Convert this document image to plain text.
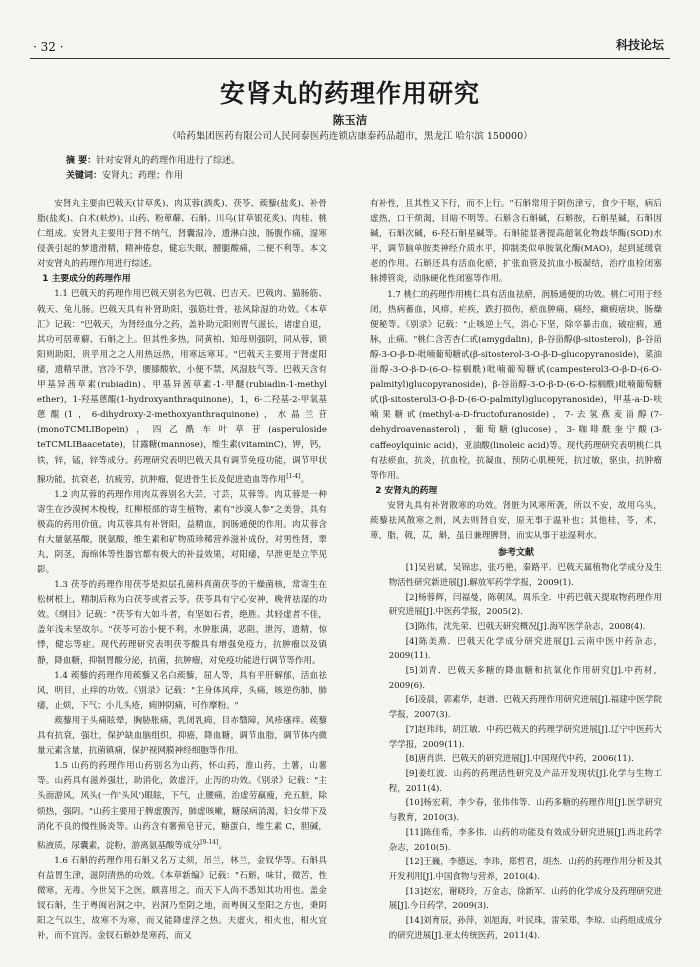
· 32 ·	科技论坛
安肾丸的药理作用研究
陈玉洁
（哈药集团医药有限公司人民同泰医药连锁店康泰药品超市，黑龙江 哈尔滨 150000）
摘 要：针对安肾丸的药理作用进行了综述。
关键词：安肾丸；药理；作用

安肾丸主要由巴戟天(甘草炙)、肉苁蓉(酒炙)、茯苓、蒺藜(盐炙)、补骨脂(盐炙)、白术(麸炒)、山药、粉萆薢、石斛、川乌(甘草银花炙)、肉桂、桃仁组成。安肾丸主要用于肾不纳气，肾囊湿冷，遗淋白浊，肠腹作痛，湿寒侵袭引起的梦遗滑精，精神倦怠，健忘失眠，腰腿酸痛，二便不利等。本文对安肾丸的药理作用进行综述。

1 主要成分的药理作用

1.1 巴戟天的药理作用巴戟天别名为巴戟、巴吉天、巴戟肉、猫肠筋、戟天、兔儿肠。巴戟天具有补肾助阳，强筋壮骨，祛风除湿的功效。《本草汇》记载："巴戟天，为肾经血分之药，盖补助元阳则胃气滋长，诸虚自退，其功可居萆薢、石斛之上。但其性多热，同黄柏、知母则强阴，同从蓉，锁阳则助阳，贵乎用之之人用热远热，用寒远寒耳。"巴戟天主要用于肾虚阳痿，遗精早泄，宫冷不孕，腰膝酸软，小便不禁，风湿肢气等。巴戟天含有甲基异茜草素(rubiadin)、甲基异茜草素-1-甲醚(rubiadin-1-methyl ether)，1-羟基蒽醌(1-hydroxyanthraquinone)，1，6-二羟基-2-甲氧基蒽醌(1，6-dihydroxy-2-methoxyanthraquinone)，水晶兰苷(monoTCMLIBopein)，四乙酰车叶草苷(asperuloside teTCMLIBaacetate)，甘露糖(mannose)，维生素(vitaminC)，钾，钙，铁，锌，锰，锌等成分。药理研究表明巴戟天具有调节免疫功能，调节甲状腺功能，抗衰老，抗疲劳，抗肿瘤，促进骨生长及促进造血等作用[1-4]。

1.2 肉苁蓉的药理作用肉苁蓉别名大芸，寸芸，苁蓉等。肉苁蓉是一种寄生在沙漠树木梭梭，红柳根部的寄生植物，素有"沙漠人参"之美誉，具有极高的药用价值。肉苁蓉具有补肾阳，益精血，润肠通便的作用。肉苁蓉含有大量氨基酸，胱氨酸，维生素和矿物质珍稀营养滋补成份，对男性肾，睾丸，阴茎，海绵体等性器官都有极大的补益效果，对阳痿，早泄更是立竿见影。

1.3 茯苓的药理作用茯苓是拟层孔菌科真菌茯苓的干燥菌核，常寄生在松树根上，精制后称为白茯苓或者云苓。茯苓具有宁心安神，晚背祛湿的功效。《纲目》记载："茯苓有大如斗者，有坚如石者，绝胜。其轻虚者不佳，盖年浅未坚故尔。"茯苓可治小便不利，水肿胀满，恶阻，泄泻，遗精，惊悸，健忘等症。现代药理研究表明茯苓酸具有增强免疫力，抗肿瘤以及镇静，降血糖，抑制胃酸分泌，抗菌，抗肿瘤，对免疫功能进行调节等作用。

1.4 蒺藜的药理作用蒺藜又名白蒺藜，屈人等，具有平肝解郁，活血祛风，明目，止痒的功效。《别录》记载："主身体风痒，头痛，咳逆伤肺，肺痿，止烦，下气；小儿头疮，痈肿阴痛，可作摩粉。"

蒺藜用于头痛眩晕，胸胁胀痛，乳闭乳痈，目赤翳障，风疹瘙痒。蒺藜具有抗衰，强壮，保护缺血脑组织，抑癌，降血糖，调节血脂，调节体内微量元素含量，抗菌镇痛，保护视网膜神经细胞等作用。

1.5 山药的药理作用山药别名为山药，怀山药，淮山药，土薯，山薯等。山药具有滋养强壮，助消化，敛虚汗，止泻的功效。《别录》记载："主头面游风，风头(一作'头风')眼眩，下气，止腰痛，治虚劳羸瘦，充五脏，除烦热，强阴。"山药主要用于脾虚腹泻，肺虚咳嗽，糖尿病消渴，妇女带下及消化不良的慢性肠炎等。山药含有薯蓣皂苷元，糖蛋白，维生素 C，胆碱，粘液质，尿囊素，淀粉，游离氨基酸等成分[9-14]。

1.6 石斛的药理作用石斛又名万丈须，吊兰，林兰，金钗华等。石斛具有益胃生津，滋阴清热的功效。《本草新编》记载："石斛，味甘，微苦，性微寒，无毒。今世吴下之医，颇喜用之，而天下人尚不悉知其功用也。盖金钗石斛，生于粤闽岩洞之中，岩洞乃至阴之地，而粤闽又至阳之方也，秉阴阳之气以生，故寒不为寒，而又能降虚浮之热。夫虚火，相火也，相火宜补，而不宜泻。金钗石斛妙是寒药，而又

有补性，且其性又下行，而不上行。"石斛常用于阴伤津亏，食少干呕，病后虚热，口干烦渴，目暗不明等。石斛含石斛碱，石斛胺，石斛星碱，石斛因碱，石斛次碱，6-羟石斛星碱等。石斛能显著提高超氧化物歧华酶(SOD)水平，调节脑单胺类神经介质水平，抑制类似单胺氧化酶(MAO)，起到延缓衰老的作用。石斛还具有活血化瘀，扩张血管及抗血小板凝结，治疗血栓闭塞脉搏管炎，动脉硬化性闭塞等作用。

1.7 桃仁的药理作用桃仁具有活血祛瘀，润肠通便的功效。桃仁可用于经闭，热病蓄血，风痹，疟疾，跌打损伤，瘀血肿痛，痛经，癥瘕痞块，肠燥便秘等。《别录》记载："止咳逆上气，消心下坚，除卒暴击血，破症瘕，通脉，止痛。"桃仁含苦杏仁甙(amygdalin)，β-谷甾醇(β-sitosterol)，β-谷甾醇-3-O-β-D-吡喃葡萄糖甙(β-sitosterol-3-O-β-D-glucopyranoside)，菜油甾醇-3-O-β-D-(6-O-棕榈酰)吡喃葡萄糖甙(campesterol3-O-β-D-(6-O-palmityl)glucopyranoside)，β-谷甾醇-3-O-β-D-(6-O-棕榈酰)吡喃葡萄糖甙(β-sitosterol3-O-β-D-(6-O-palmityl)glucopyranoside)，甲基-a-D-呋喃果糖甙(methyl-a-D-fructofuranoside)，7-去氢燕麦甾醇(7-dehydroavenasterol)，葡萄糖(glucose)，3-咖啡酰奎宁酸(3-caffeoylquinic acid)，亚油酸(linoleic acid)等。现代药理研究表明桃仁具有祛瘀血，抗炎，抗血栓，抗凝血，预防心肌梗死，抗过敏，驱虫，抗肿瘤等作用。

2 安肾丸的药理

安肾丸具有补肾散寒的功效。肾脏为风寒所袭，所以不安，故用乌头，蒺藜祛风散寒之剂，风去则肾自安，原无事于温补也；其他桂，苓，术，萆，脂，戟，苁，斛，虽日兼理脾肾，而实从事于祛湿利水。

参考文献

[1]吴岩斌，吴锦忠，张巧艳，秦路平．巴戟天属植物化学成分及生物活性研究新进展[J].解放军药学学报，2009(1).

[2]杨蓉辉，闫福曼，陈朝凤，周乐全．中药巴戟天提取物药理作用研究进展[J].中医药学报，2005(2).

[3]陈伟，沈先荣．巴戟天研究概况[J].海军医学杂志，2008(4).

[4]陈美燕．巴戟天化学成分研究进展[J].云南中医中药杂志，2009(11).

[5]刘青．巴戟天多糖的降血糖和抗氧化作用研究[J].中药材，2009(6).

[6]凌晨，郭素华，赵谱．巴戟天药理作用研究进展[J].福建中医学院学报，2007(3).

[7]赵玮玮，胡江敏．中药巴戟天的药理学研究进展[J].辽宁中医药大学学报，2009(11).

[8]唐肖洪．巴戟天的研究进展[J].中国现代中药，2006(11).

[9]姜红波．山药的药理活性研究及产品开发现状[J].化学与生物工程，2011(4).

[10]杨宏莉，李少春，张伟伟等．山药多糖的药理作用[J].医学研究与教育，2010(3).

[11]陈佳希，李多伟．山药的功能及有效成分研究进展[J].西北药学杂志，2010(5).

[12]王巍，李德远，李玮，郑哲君，胡杰．山药的药理作用分析及其开发利用[J].中国食物与营养，2010(4).

[13]赵宏，谢晓玲，万金志，徐新军．山药的化学成分及药理研究进展[J].今日药学，2009(3).

[14]刘育辰，孙萍，刘旭海，叶民珠，雷荣郑，李琼．山药组成成分的研究进展[J].亚太传统医药，2011(4).
